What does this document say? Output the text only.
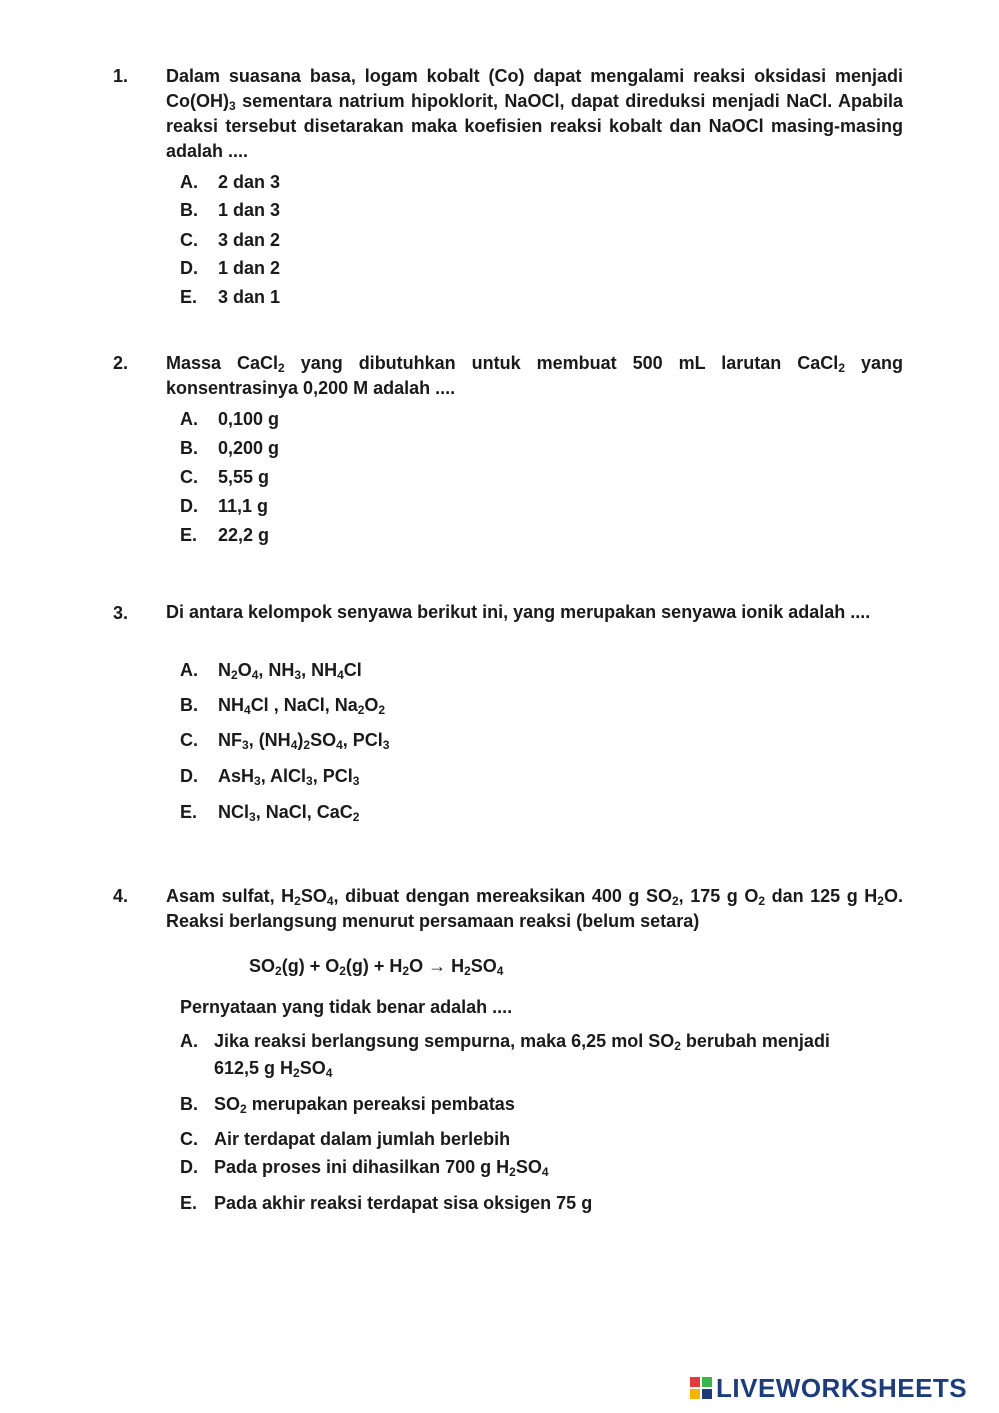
1. Dalam suasana basa, logam kobalt (Co) dapat mengalami reaksi oksidasi menjadi $Co(OH)_3$ sementara natrium hipoklorit, NaOCl, dapat direduksi menjadi NaCl. Apabila reaksi tersebut disetarakan maka koefisien reaksi kobalt dan NaOCl masing-masing adalah ....
A. 2 dan 3
B. 1 dan 3
C. 3 dan 2
D. 1 dan 2
E. 3 dan 1
2. Massa CaCl$_2$ yang dibutuhkan untuk membuat 500 mL larutan CaCl$_2$ yang konsentrasinya 0,200 M adalah ....
A. 0,100 g
B. 0,200 g
C. 5,55 g
D. 11,1 g
E. 22,2 g
3. Di antara kelompok senyawa berikut ini, yang merupakan senyawa ionik adalah ....
A. $N_2O_4$, $NH_3$, $NH_4Cl$
B. $NH_4Cl$ , NaCl, $Na_2O_2$
C. $NF_3$, $(NH_4)_2SO_4$, PCl$_3$
D. AsH$_3$, AlCl$_3$, PCl$_3$
E. NCl$_3$, NaCl, CaC$_2$
4. Asam sulfat, $H_2SO_4$, dibuat dengan mereaksikan 400 g $SO_2$, 175 g $O_2$ dan 125 g $H_2O$. Reaksi berlangsung menurut persamaan reaksi (belum setara)
$SO_2(g) + O_2(g) + H_2O \to H_2SO_4$
Pernyataan yang tidak benar adalah ....
A. Jika reaksi berlangsung sempurna, maka 6,25 mol $SO_2$ berubah menjadi
612,5 g $H_2SO_4$
B. $SO_2$ merupakan pereaksi pembatas
C. Air terdapat dalam jumlah berlebih
D. Pada proses ini dihasilkan 700 g $H_2SO_4$
E. Pada akhir reaksi terdapat sisa oksigen 75 g
LIVEWORKSHEETS
